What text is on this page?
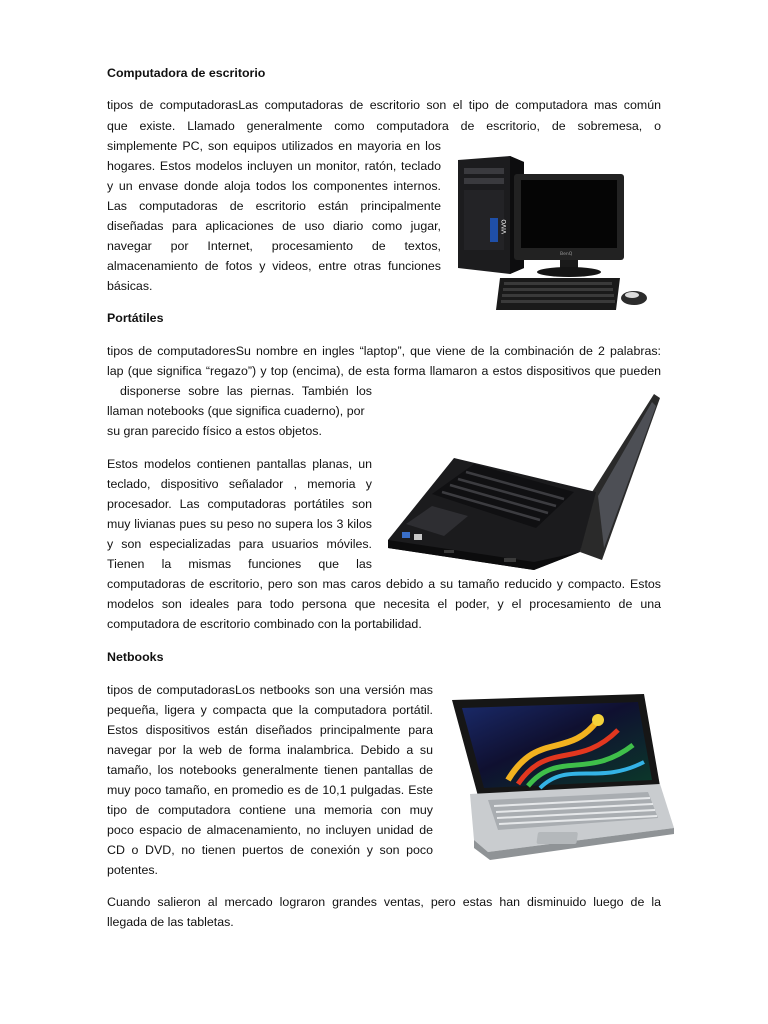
Computadora de escritorio

tipos de computadorasLas computadoras de escritorio son el tipo de computadora mas común

que existe. Llamado generalmente como computadora de escritorio, de sobremesa, o

simplemente PC, son equipos utilizados en mayoria en los

hogares. Estos modelos incluyen un monitor, ratón, teclado

y un envase donde aloja todos los componentes internos.

Las computadoras de escritorio están principalmente

diseñadas para aplicaciones de uso diario como jugar,

navegar por Internet, procesamiento de textos,

almacenamiento de fotos y videos, entre otras funciones

básicas.

VIVO
BenQ

Portátiles

tipos de computadoresSu nombre en ingles “laptop”, que viene de la combinación de 2 palabras:

lap (que significa “regazo”) y top (encima), de esta forma llamaron a estos dispositivos que pueden

disponerse sobre las piernas. También los

llaman notebooks (que significa cuaderno), por

su gran parecido físico a estos objetos.

Estos modelos contienen pantallas planas, un

teclado, dispositivo señalador , memoria y

procesador. Las computadoras portátiles son

muy livianas pues su peso no supera los 3 kilos

y son especializadas para usuarios móviles.

Tienen la mismas funciones que las

computadoras de escritorio, pero son mas caros debido a su tamaño reducido y compacto. Estos

modelos son ideales para todo persona que necesita el poder, y el procesamiento de una

computadora de escritorio combinado con la portabilidad.

Netbooks

tipos de computadorasLos netbooks son una versión mas

pequeña, ligera y compacta que la computadora portátil.

Estos dispositivos están diseñados principalmente para

navegar por la web de forma inalambrica. Debido a su

tamaño, los notebooks generalmente tienen pantallas de

muy poco tamaño, en promedio es de 10,1 pulgadas. Este

tipo de computadora contiene una memoria con muy

poco espacio de almacenamiento, no incluyen unidad de

CD o DVD, no tienen puertos de conexión y son poco

potentes.

Cuando salieron al mercado lograron grandes ventas, pero estas han disminuido luego de la

llegada de las tabletas.
